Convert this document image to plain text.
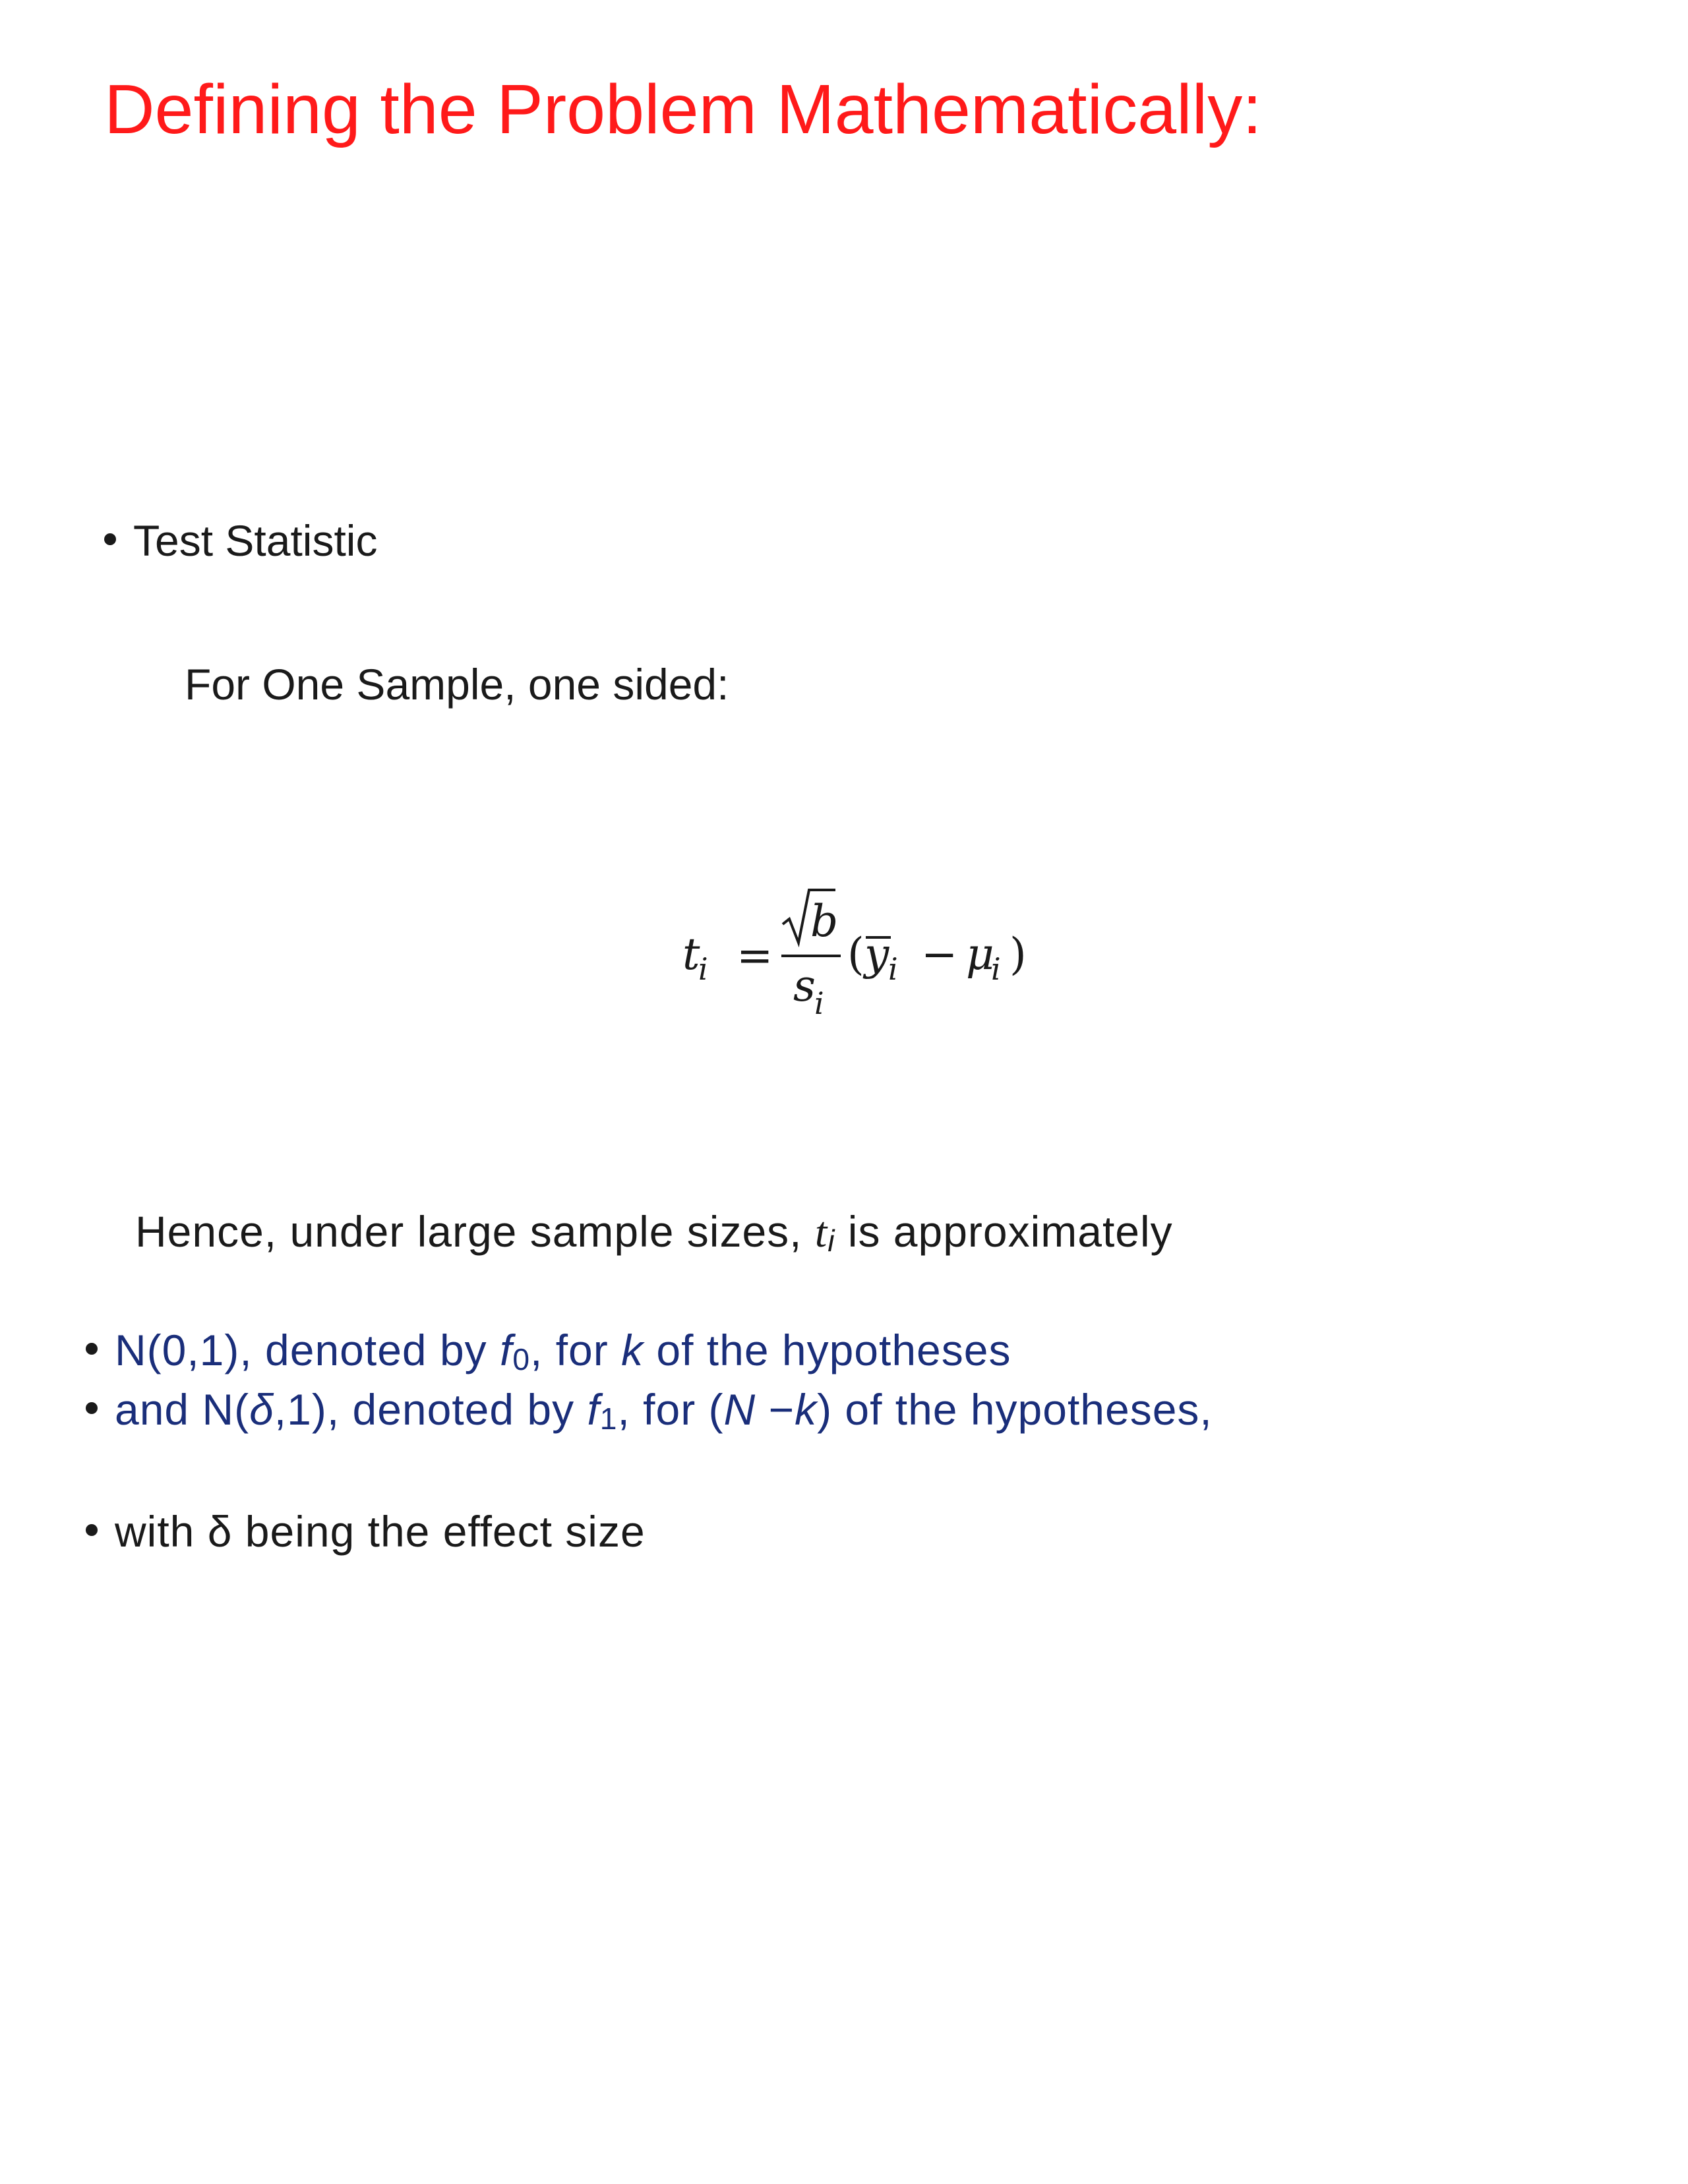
Defining the Problem Mathematically:
Test Statistic
For One Sample, one sided:
t
i =
b
s
i
( y
i − μ
i )
Hence, under large sample sizes, $t_i$ is approximately
N(0,1), denoted by $f_0$, for k of the hypotheses
and N(δ,1), denoted by $f_1$, for (N −k) of the hypotheses,
with δ being the effect size
